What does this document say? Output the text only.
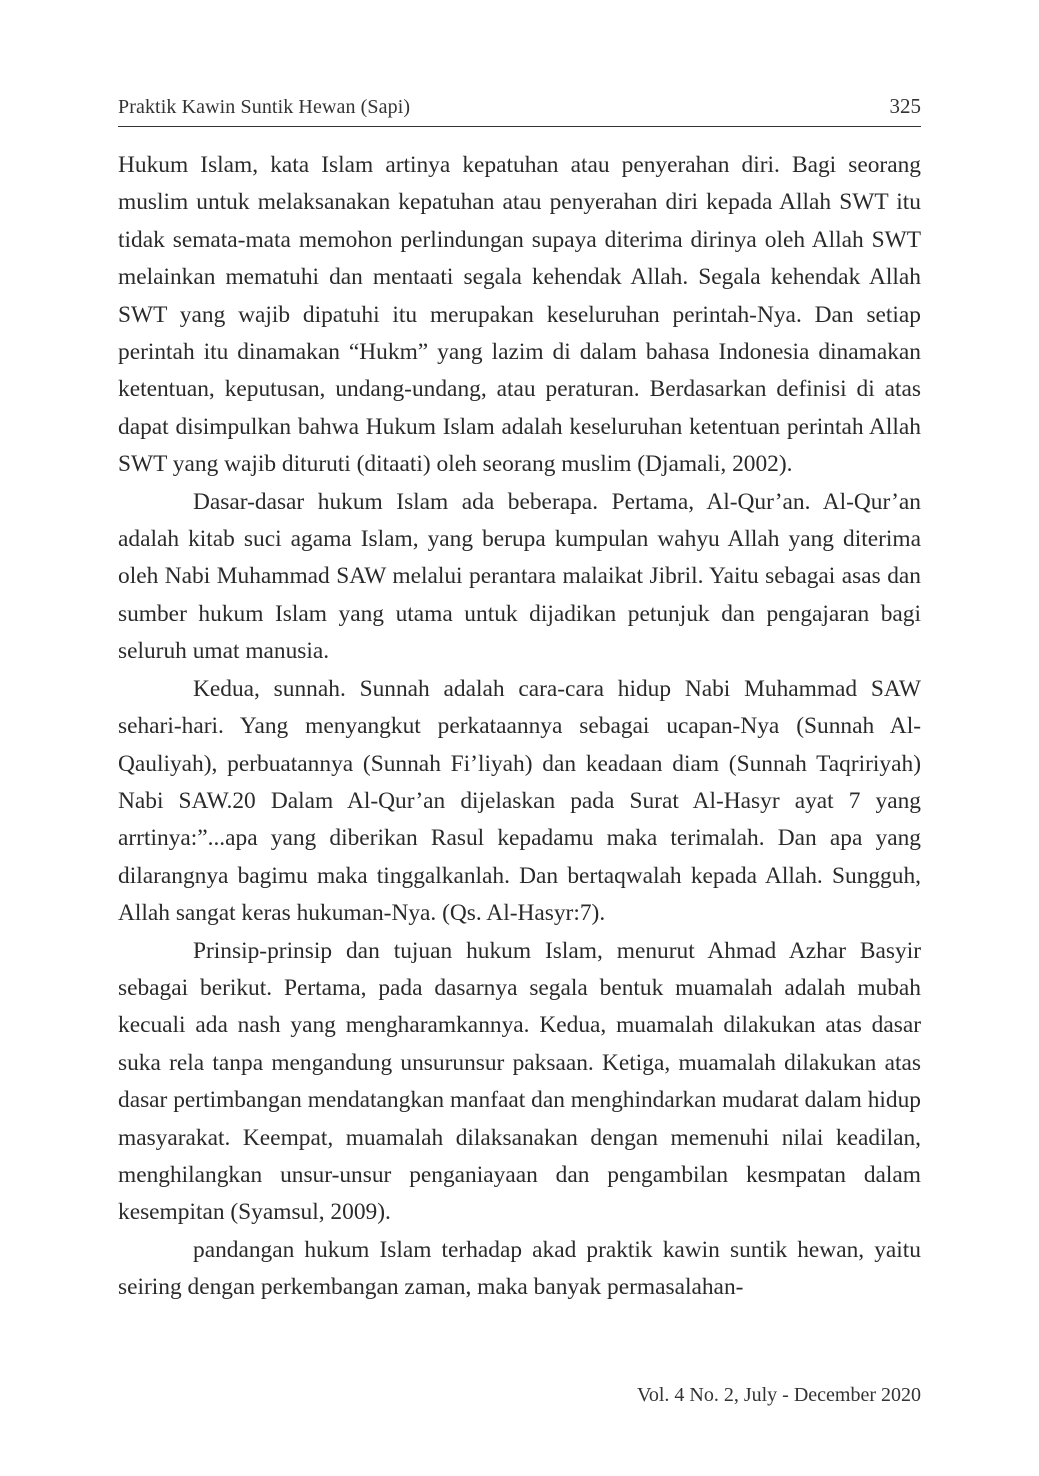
Praktik Kawin Suntik Hewan (Sapi)	325

Hukum Islam, kata Islam artinya kepatuhan atau penyerahan diri. Bagi seorang muslim untuk melaksanakan kepatuhan atau penyerahan diri kepada Allah SWT itu tidak semata-mata memohon perlindungan supaya diterima dirinya oleh Allah SWT melainkan mematuhi dan mentaati segala kehendak Allah. Segala kehendak Allah SWT yang wajib dipatuhi itu merupakan keseluruhan perintah-Nya. Dan setiap perintah itu dinamakan “Hukm” yang lazim di dalam bahasa Indonesia dinamakan ketentuan, keputusan, undang-undang, atau peraturan. Berdasarkan definisi di atas dapat disimpulkan bahwa Hukum Islam adalah keseluruhan ketentuan perintah Allah SWT yang wajib dituruti (ditaati) oleh seorang muslim (Djamali, 2002).

Dasar-dasar hukum Islam ada beberapa. Pertama, Al-Qur’an. Al-Qur’an adalah kitab suci agama Islam, yang berupa kumpulan wahyu Allah yang diterima oleh Nabi Muhammad SAW melalui perantara malaikat Jibril. Yaitu sebagai asas dan sumber hukum Islam yang utama untuk dijadikan petunjuk dan pengajaran bagi seluruh umat manusia.

Kedua, sunnah. Sunnah adalah cara-cara hidup Nabi Muhammad SAW sehari-hari. Yang menyangkut perkataannya sebagai ucapan-Nya (Sunnah Al-Qauliyah), perbuatannya (Sunnah Fi’liyah) dan keadaan diam (Sunnah Taqririyah) Nabi SAW.20 Dalam Al-Qur’an dijelaskan pada Surat Al-Hasyr ayat 7 yang arrtinya:”...apa yang diberikan Rasul kepadamu maka terimalah. Dan apa yang dilarangnya bagimu maka tinggalkanlah. Dan bertaqwalah kepada Allah. Sungguh, Allah sangat keras hukuman-Nya. (Qs. Al-Hasyr:7).

Prinsip-prinsip dan tujuan hukum Islam, menurut Ahmad Azhar Basyir sebagai berikut. Pertama, pada dasarnya segala bentuk muamalah adalah mubah kecuali ada nash yang mengharamkannya. Kedua, muamalah dilakukan atas dasar suka rela tanpa mengandung unsurunsur paksaan. Ketiga, muamalah dilakukan atas dasar pertimbangan mendatangkan manfaat dan menghindarkan mudarat dalam hidup masyarakat. Keempat, muamalah dilaksanakan dengan memenuhi nilai keadilan, menghilangkan unsur-unsur penganiayaan dan pengambilan kesmpatan dalam kesempitan (Syamsul, 2009).

pandangan hukum Islam terhadap akad praktik kawin suntik hewan, yaitu seiring dengan perkembangan zaman, maka banyak permasalahan-

Vol. 4 No. 2, July - December 2020
